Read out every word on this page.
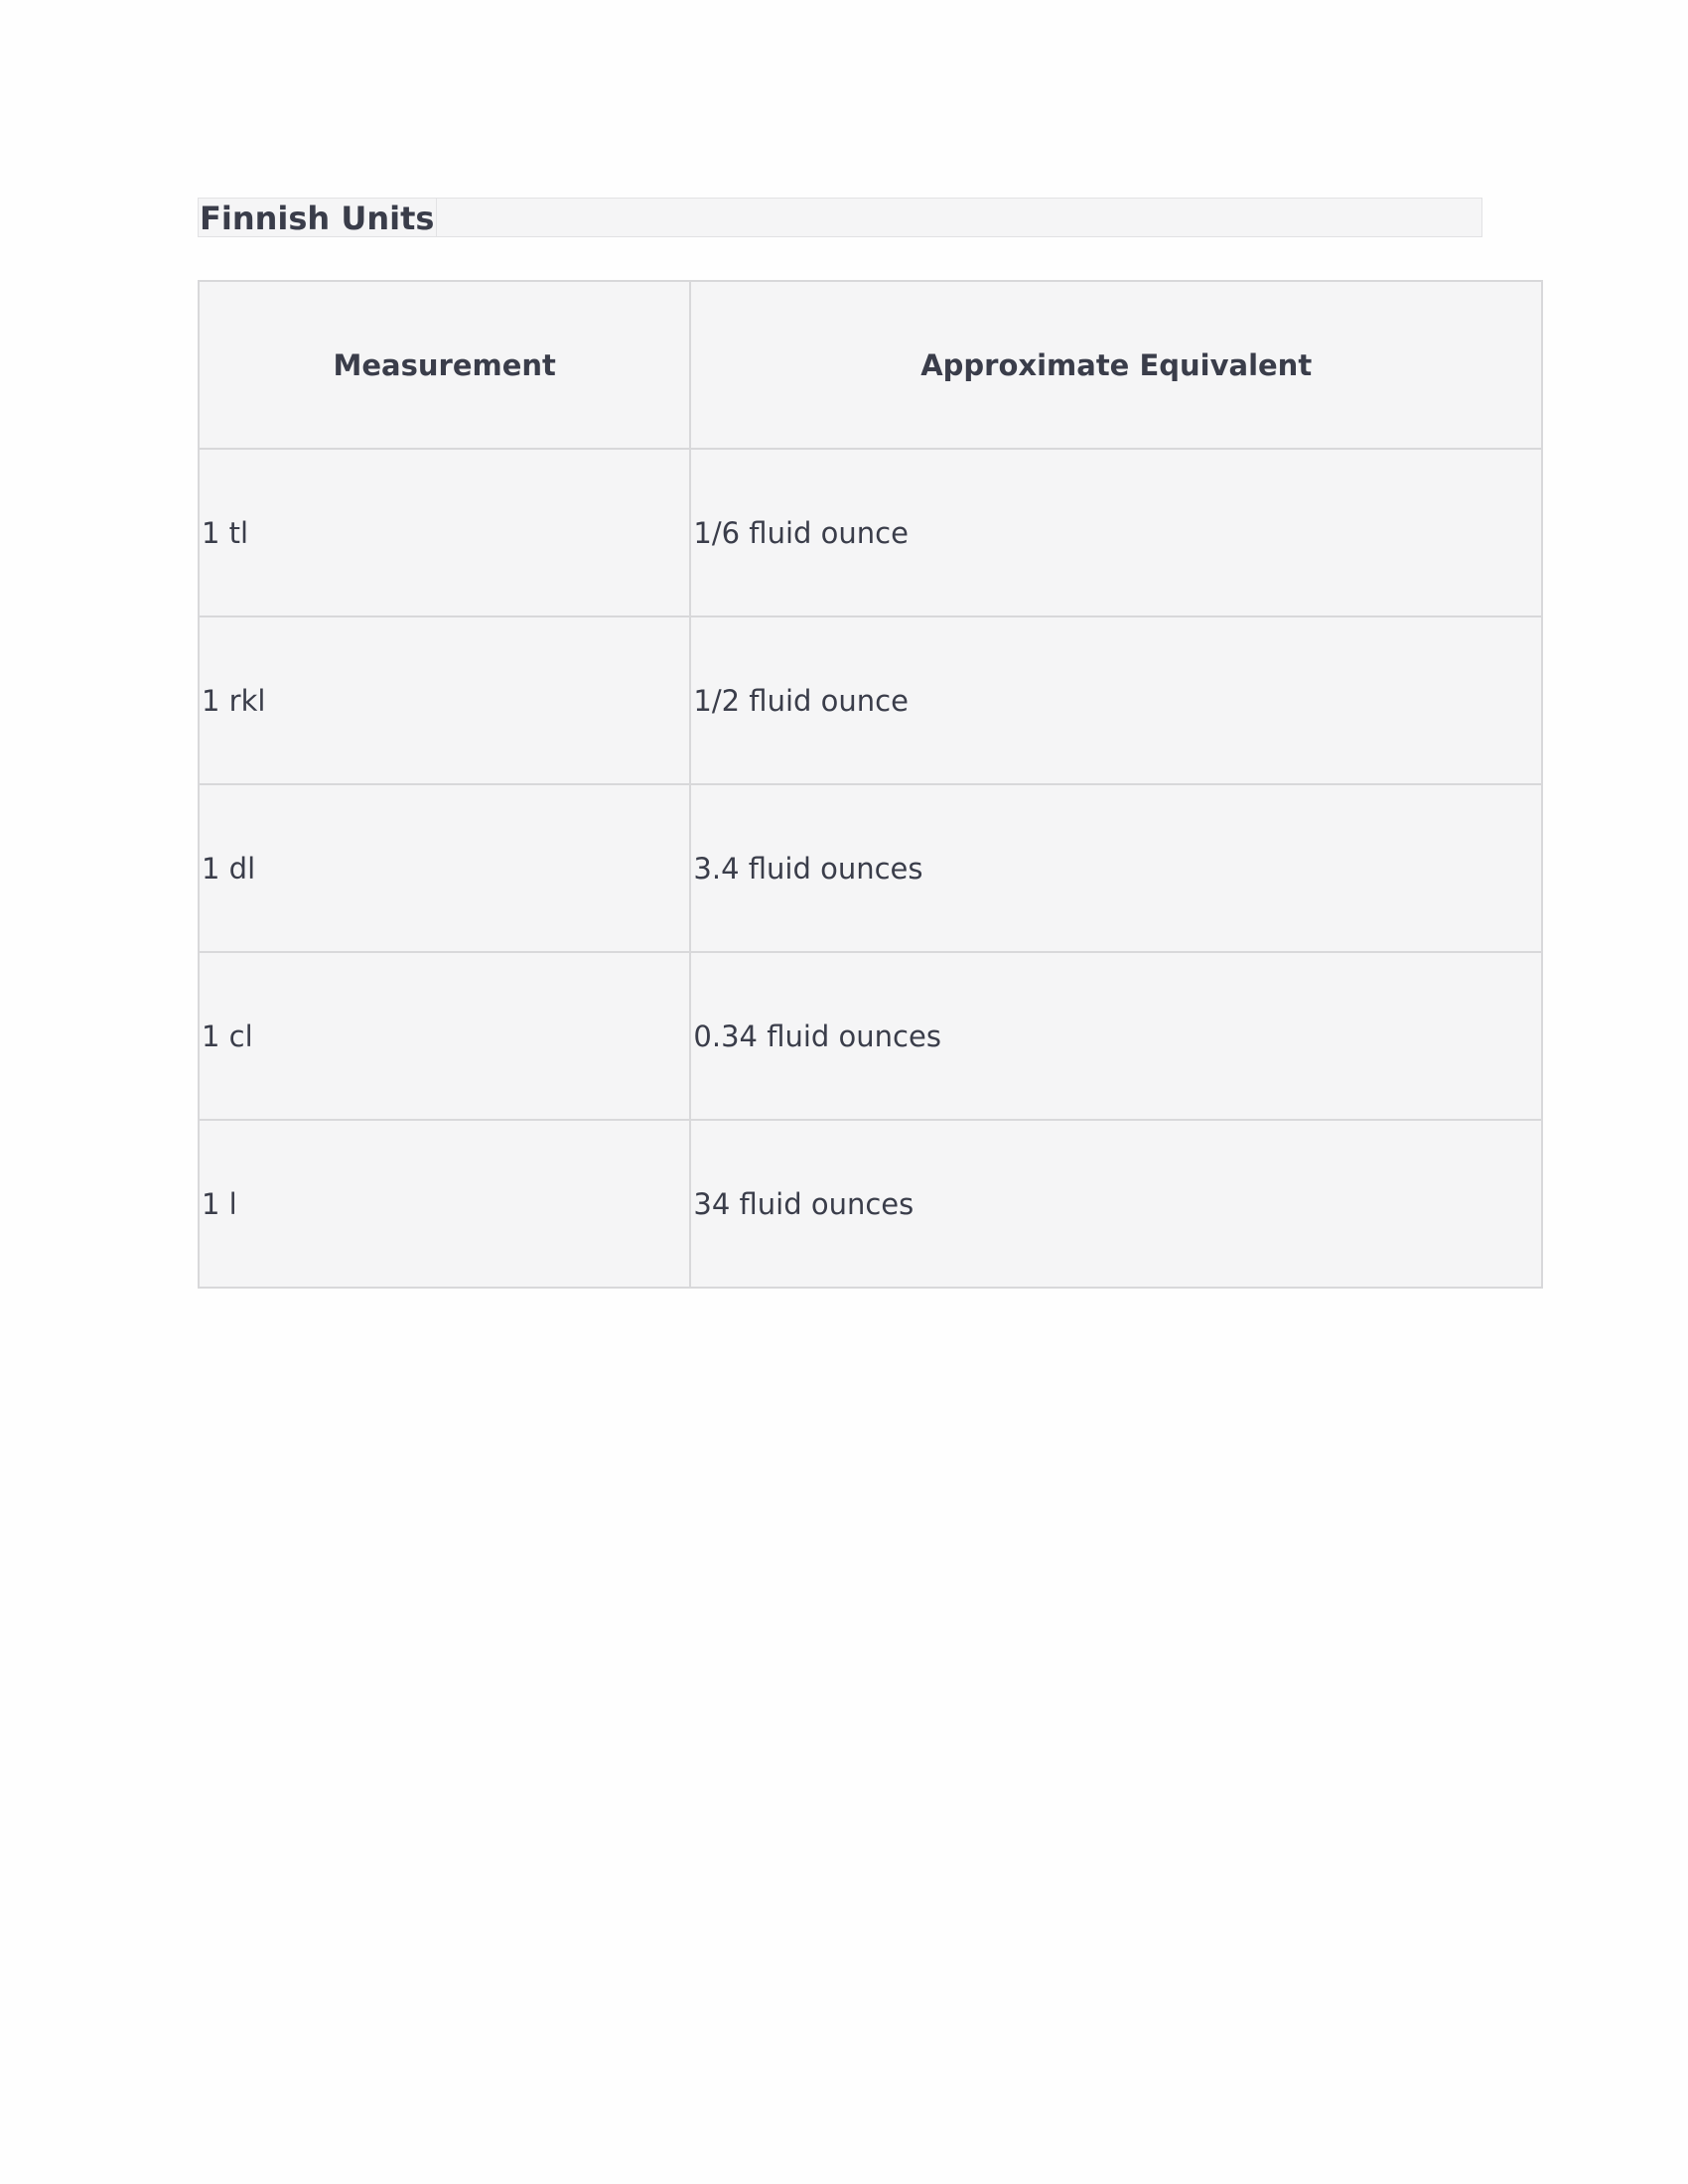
Finnish Units
Measurement	Approximate Equivalent
1 tl	1/6 fluid ounce
1 rkl	1/2 fluid ounce
1 dl	3.4 fluid ounces
1 cl	0.34 fluid ounces
1 l	34 fluid ounces
